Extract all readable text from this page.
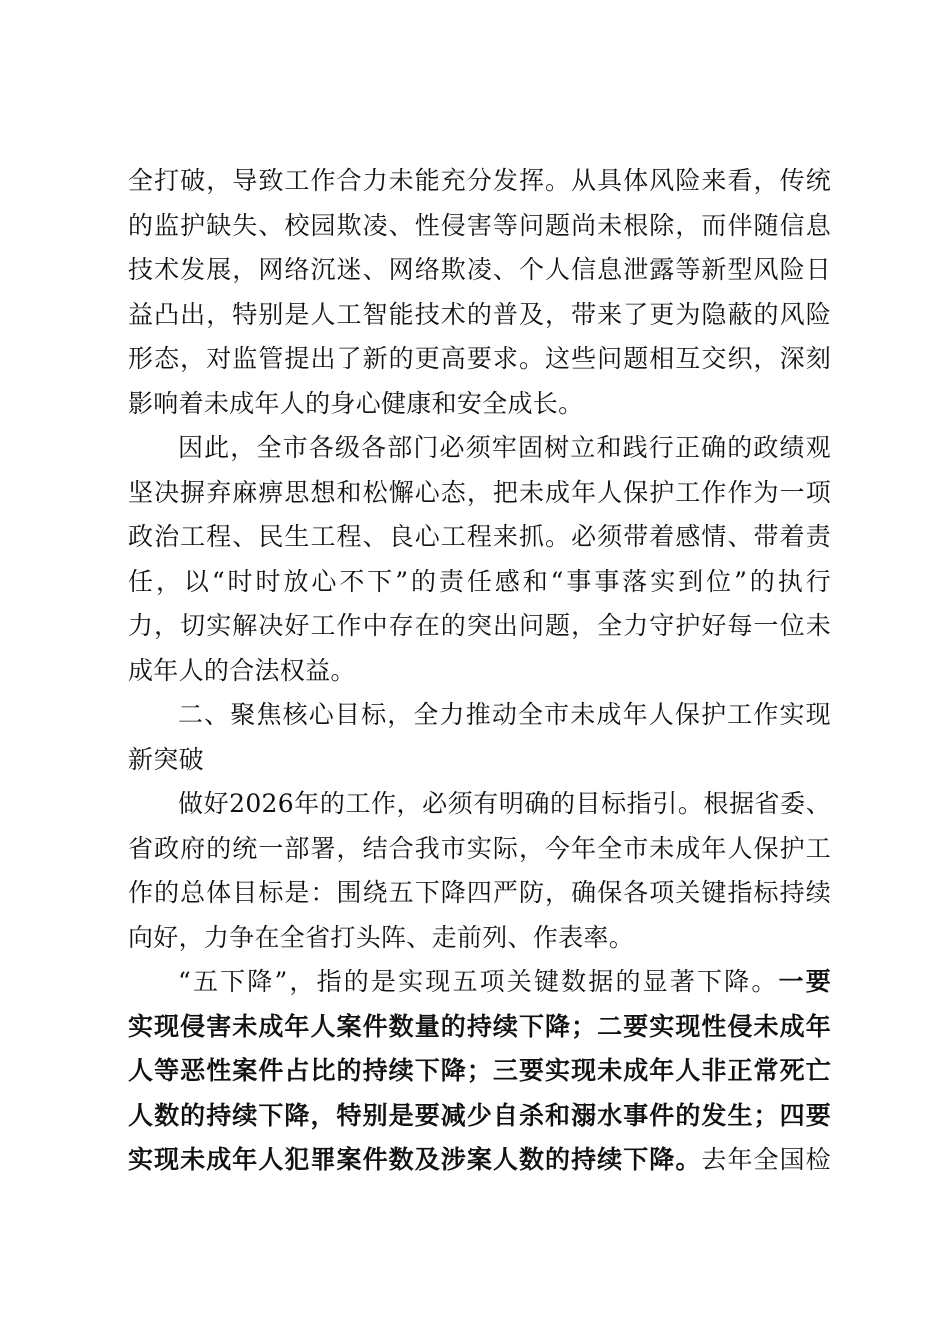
全打破，导致工作合力未能充分发挥。从具体风险来看，传统
的监护缺失、校园欺凌、性侵害等问题尚未根除，而伴随信息
技术发展，网络沉迷、网络欺凌、个人信息泄露等新型风险日
益凸出，特别是人工智能技术的普及，带来了更为隐蔽的风险
形态，对监管提出了新的更高要求。这些问题相互交织，深刻
影响着未成年人的身心健康和安全成长。

因此，全市各级各部门必须牢固树立和践行正确的政绩观
坚决摒弃麻痹思想和松懈心态，把未成年人保护工作作为一项
政治工程、民生工程、良心工程来抓。必须带着感情、带着责
任，以“时时放心不下”的责任感和“事事落实到位”的执行
力，切实解决好工作中存在的突出问题，全力守护好每一位未
成年人的合法权益。

二、聚焦核心目标，全力推动全市未成年人保护工作实现
新突破

做好2026年的工作，必须有明确的目标指引。根据省委、
省政府的统一部署，结合我市实际，今年全市未成年人保护工
作的总体目标是：围绕五下降四严防，确保各项关键指标持续
向好，力争在全省打头阵、走前列、作表率。

“五下降”，指的是实现五项关键数据的显著下降。一要
实现侵害未成年人案件数量的持续下降；二要实现性侵未成年
人等恶性案件占比的持续下降；三要实现未成年人非正常死亡
人数的持续下降，特别是要减少自杀和溺水事件的发生；四要
实现未成年人犯罪案件数及涉案人数的持续下降。去年全国检
